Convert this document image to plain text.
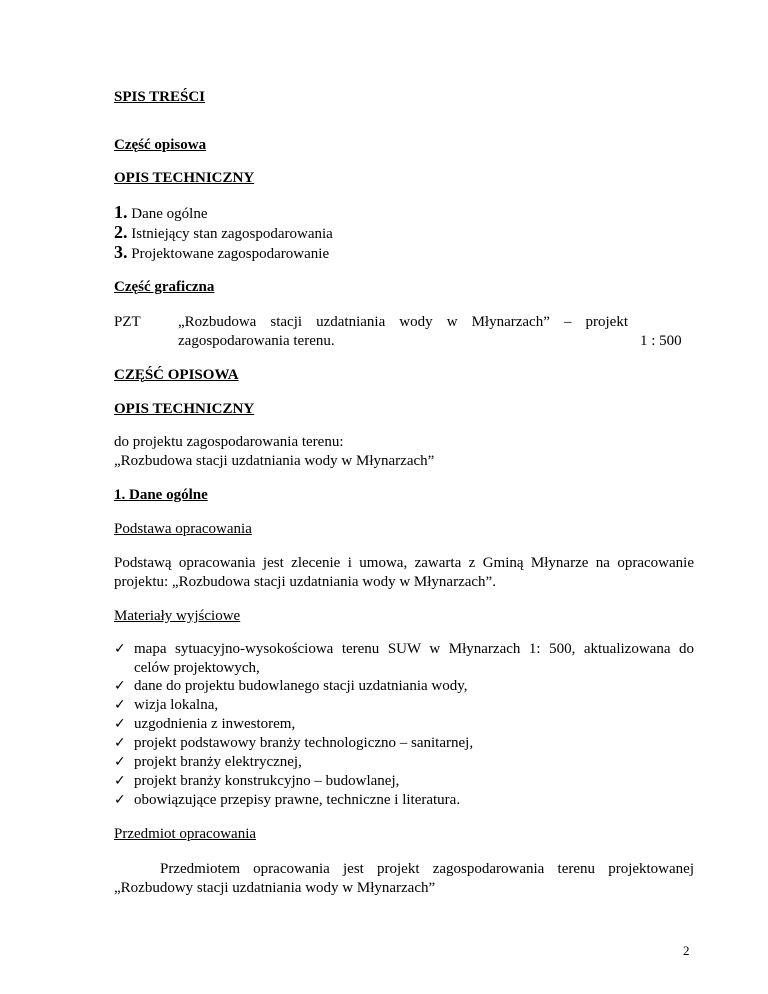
SPIS TREŚCI
Część opisowa
OPIS TECHNICZNY
1. Dane ogólne
2. Istniejący stan zagospodarowania
3. Projektowane zagospodarowanie
Część graficzna
PZT „Rozbudowa stacji uzdatniania wody w Młynarzach” – projekt
zagospodarowania terenu.	1 : 500
CZĘŚĆ OPISOWA
OPIS TECHNICZNY
do projektu zagospodarowania terenu:
„Rozbudowa stacji uzdatniania wody w Młynarzach”
1. Dane ogólne
Podstawa opracowania
Podstawą opracowania jest zlecenie i umowa, zawarta z Gminą Młynarze na opracowanie
projektu: „Rozbudowa stacji uzdatniania wody w Młynarzach”.
Materiały wyjściowe
✓ mapa sytuacyjno-wysokościowa terenu SUW w Młynarzach 1: 500, aktualizowana do
celów projektowych,
✓ dane do projektu budowlanego stacji uzdatniania wody,
✓ wizja lokalna,
✓ uzgodnienia z inwestorem,
✓ projekt podstawowy branży technologiczno – sanitarnej,
✓ projekt branży elektrycznej,
✓ projekt branży konstrukcyjno – budowlanej,
✓ obowiązujące przepisy prawne, techniczne i literatura.
Przedmiot opracowania
Przedmiotem opracowania jest projekt zagospodarowania terenu projektowanej
„Rozbudowy stacji uzdatniania wody w Młynarzach”
2
